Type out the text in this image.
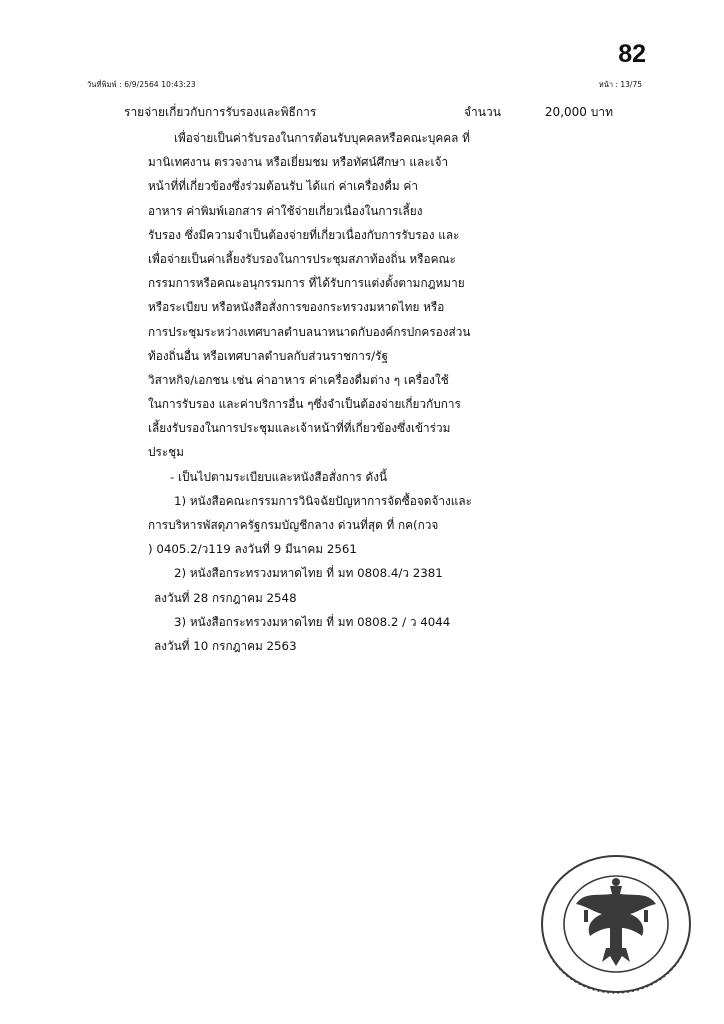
82
วันที่พิมพ์ : 6/9/2564 10:43:23	หน้า : 13/75
รายจ่ายเกี่ยวกับการรับรองและพิธีการ	จำนวน	20,000 บาท
เพื่อจ่ายเป็นค่ารับรองในการต้อนรับบุคคลหรือคณะบุคคล ที่
มานิเทศงาน ตรวจงาน หรือเยี่ยมชม หรือทัศน์ศึกษา และเจ้า
หน้าที่ที่เกี่ยวข้องซึ่งร่วมต้อนรับ ได้แก่ ค่าเครื่องดื่ม ค่า
อาหาร ค่าพิมพ์เอกสาร ค่าใช้จ่ายเกี่ยวเนื่องในการเลี้ยง
รับรอง ซึ่งมีความจำเป็นต้องจ่ายที่เกี่ยวเนื่องกับการรับรอง และ
เพื่อจ่ายเป็นค่าเลี้ยงรับรองในการประชุมสภาท้องถิ่น หรือคณะ
กรรมการหรือคณะอนุกรรมการ ที่ได้รับการแต่งตั้งตามกฎหมาย
หรือระเบียบ หรือหนังสือสั่งการของกระทรวงมหาดไทย หรือ
การประชุมระหว่างเทศบาลตำบลนาหนาดกับองค์กรปกครองส่วน
ท้องถิ่นอื่น หรือเทศบาลตำบลกับส่วนราชการ/รัฐ
วิสาหกิจ/เอกชน เช่น ค่าอาหาร ค่าเครื่องดื่มต่าง ๆ เครื่องใช้
ในการรับรอง และค่าบริการอื่น ๆซึ่งจำเป็นต้องจ่ายเกี่ยวกับการ
เลี้ยงรับรองในการประชุมและเจ้าหน้าที่ที่เกี่ยวข้องซึ่งเข้าร่วม
ประชุม
- เป็นไปตามระเบียบและหนังสือสั่งการ ดังนี้
1) หนังสือคณะกรรมการวินิจฉัยปัญหาการจัดซื้อจดจ้างและ
การบริหารพัสดุภาครัฐกรมบัญชีกลาง ด่วนที่สุด ที่ กค(กวจ
) 0405.2/ว119 ลงวันที่ 9 มีนาคม 2561
2) หนังสือกระทรวงมหาดไทย ที่ มท 0808.4/ว 2381
ลงวันที่ 28 กรกฎาคม 2548
3) หนังสือกระทรวงมหาดไทย ที่ มท 0808.2 / ว 4044
ลงวันที่ 10 กรกฎาคม 2563
